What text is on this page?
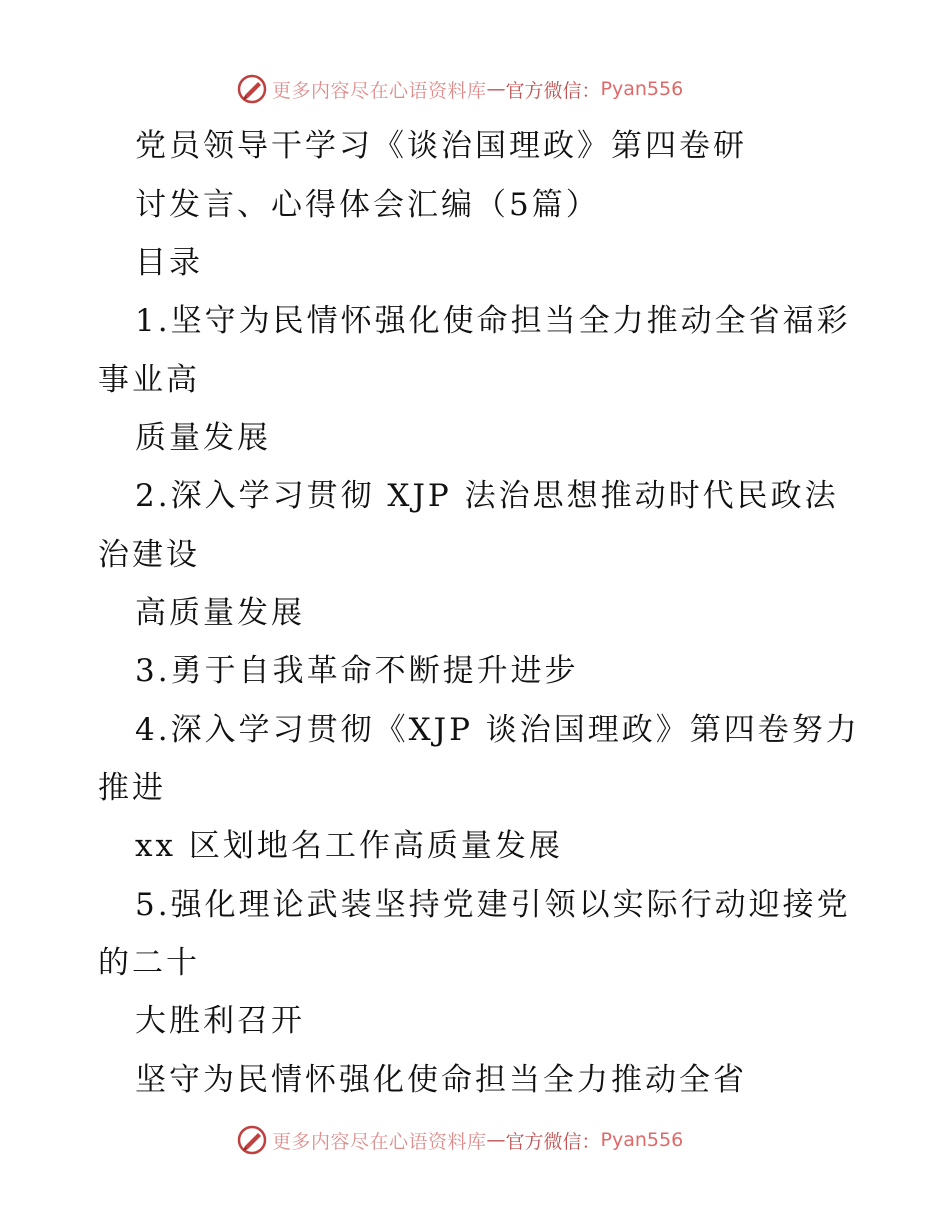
更多内容尽在心语资料库 — 官方微信： Pyan556
党员领导干学习《谈治国理政》第四卷研
讨发言、心得体会汇编（5篇）
目录
1.坚守为民情怀强化使命担当全力推动全省福彩
事业高
质量发展
2.深入学习贯彻 XJP 法治思想推动时代民政法
治建设
高质量发展
3.勇于自我革命不断提升进步
4.深入学习贯彻《XJP 谈治国理政》第四卷努力
推进
xx 区划地名工作高质量发展
5.强化理论武装坚持党建引领以实际行动迎接党
的二十
大胜利召开
坚守为民情怀强化使命担当全力推动全省
更多内容尽在心语资料库 — 官方微信： Pyan556
